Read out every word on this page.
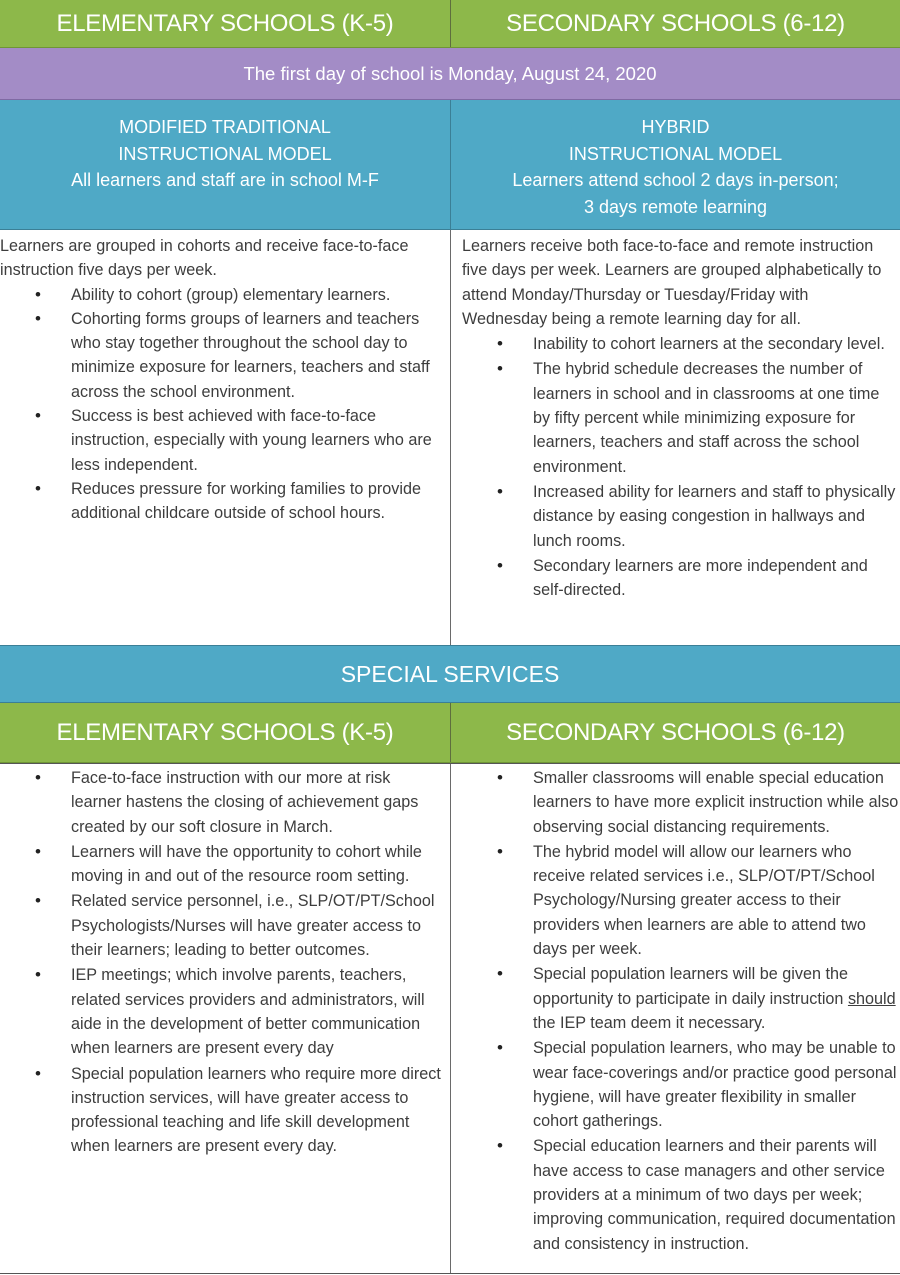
ELEMENTARY SCHOOLS (K-5)	SECONDARY SCHOOLS (6-12)
The first day of school is Monday, August 24, 2020
MODIFIED TRADITIONAL
INSTRUCTIONAL MODEL
All learners and staff are in school M-F
HYBRID
INSTRUCTIONAL MODEL
Learners attend school 2 days in-person;
3 days remote learning

Learners are grouped in cohorts and receive face-to-face instruction five days per week.

• Ability to cohort (group) elementary learners.
• Cohorting forms groups of learners and teachers who stay together throughout the school day to minimize exposure for learners, teachers and staff across the school environment.
• Success is best achieved with face-to-face instruction, especially with young learners who are less independent.
• Reduces pressure for working families to provide additional childcare outside of school hours.

Learners receive both face-to-face and remote instruction five days per week. Learners are grouped alphabetically to attend Monday/Thursday or Tuesday/Friday with Wednesday being a remote learning day for all.

• Inability to cohort learners at the secondary level.
• The hybrid schedule decreases the number of learners in school and in classrooms at one time by fifty percent while minimizing exposure for learners, teachers and staff across the school environment.
• Increased ability for learners and staff to physically distance by easing congestion in hallways and lunch rooms.
• Secondary learners are more independent and self-directed.
SPECIAL SERVICES
ELEMENTARY SCHOOLS (K-5)	SECONDARY SCHOOLS (6-12)
• Face-to-face instruction with our more at risk learner hastens the closing of achievement gaps created by our soft closure in March.
• Learners will have the opportunity to cohort while moving in and out of the resource room setting.
• Related service personnel, i.e., SLP/OT/PT/School Psychologists/Nurses will have greater access to their learners; leading to better outcomes.
• IEP meetings; which involve parents, teachers, related services providers and administrators, will aide in the development of better communication when learners are present every day
• Special population learners who require more direct instruction services, will have greater access to professional teaching and life skill development when learners are present every day.
• Smaller classrooms will enable special education learners to have more explicit instruction while also observing social distancing requirements.
• The hybrid model will allow our learners who receive related services i.e., SLP/OT/PT/School Psychology/Nursing greater access to their providers when learners are able to attend two days per week.
• Special population learners will be given the opportunity to participate in daily instruction should the IEP team deem it necessary.
• Special population learners, who may be unable to wear face-coverings and/or practice good personal hygiene, will have greater flexibility in smaller cohort gatherings.
• Special education learners and their parents will have access to case managers and other service providers at a minimum of two days per week; improving communication, required documentation and consistency in instruction.
